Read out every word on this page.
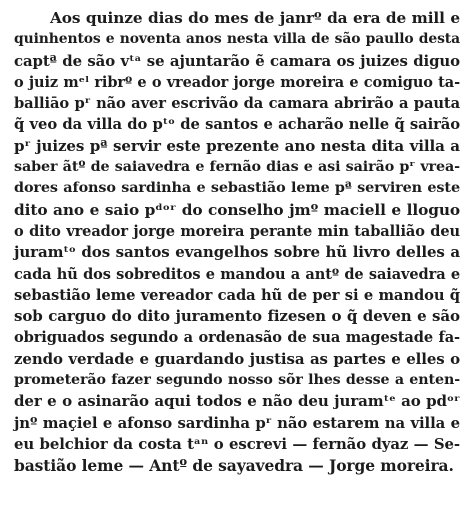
Aos quinze dias do mes de janrº da era de mill e
quinhentos e noventa anos nesta villa de são paullo desta
captª de são vᵗᵃ se ajuntarão ẽ camara os juizes diguo
o juiz mᵉˡ ribrº e o vreador jorge moreira e comiguo ta-
balliāo pʳ não aver escrivão da camara abrirão a pauta
q̃ veo da villa do pᵗᵒ de santos e acharão nelle q̃ sairão
pʳ juizes pª servir este prezente ano nesta dita villa a
saber ãtº de saiavedra e fernão dias e asi sairão pʳ vrea-
dores afonso sardinha e sebastião leme pª serviren este
dito ano e saio pᵈᵒʳ do conselho jmº maciell e lloguo
o dito vreador jorge moreira perante min taballião deu
juramᵗᵒ dos santos evangelhos sobre hũ livro delles a
cada hũ dos sobreditos e mandou a antº de saiavedra e
sebastião leme vereador cada hũ de per si e mandou q̃
sob carguo do dito juramento fizesen o q̃ deven e são
obriguados segundo a ordenasão de sua magestade fa-
zendo verdade e guardando justisa as partes e elles o
prometerão fazer segundo nosso sõr lhes desse a enten-
der e o asinarão aqui todos e não deu juramᵗᵉ ao pdᵒʳ
jnº maçiel e afonso sardinha pʳ não estarem na villa e
eu belchior da costa tᵃⁿ o escrevi — fernão dyaz — Se-
bastião leme — Antº de sayavedra — Jorge moreira.
